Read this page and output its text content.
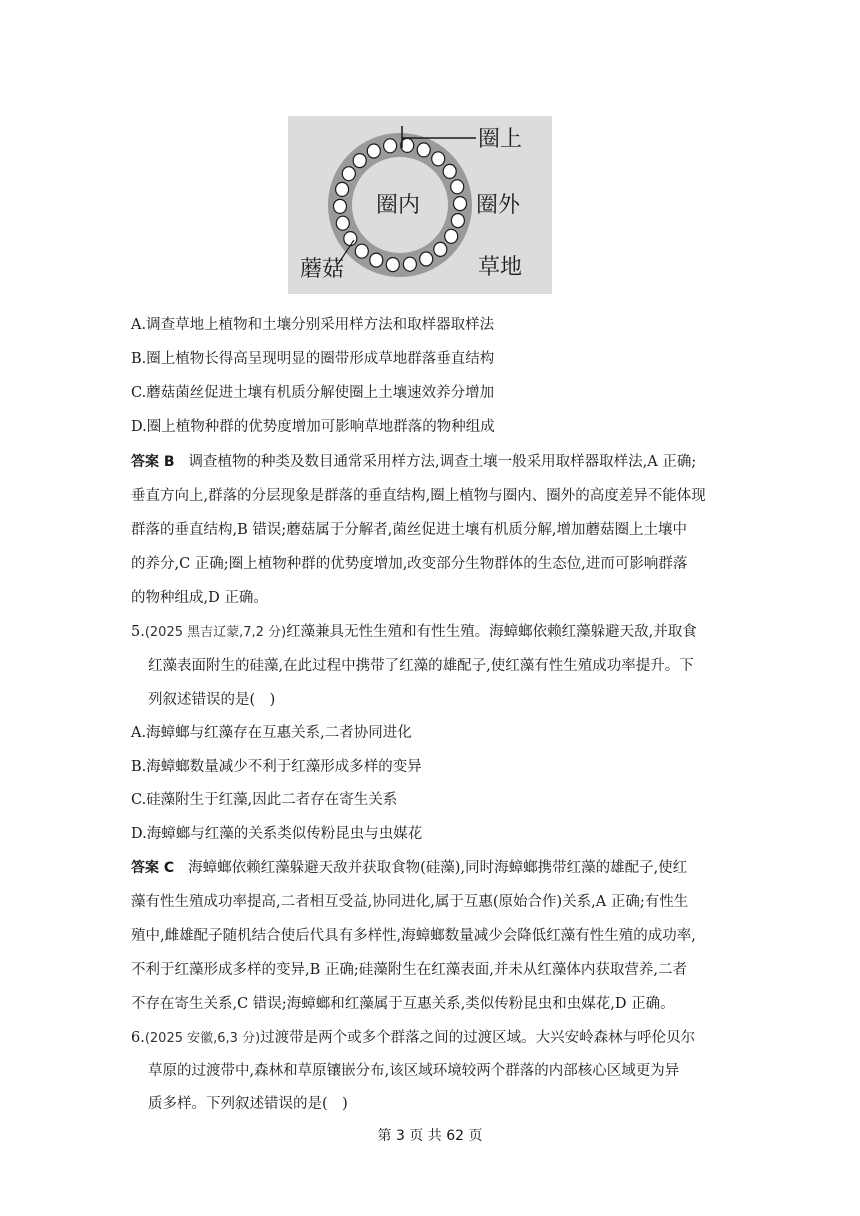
圈上
圈内	圈外
蘑菇	草地
A.调查草地上植物和土壤分别采用样方法和取样器取样法
B.圈上植物长得高呈现明显的圈带形成草地群落垂直结构
C.蘑菇菌丝促进土壤有机质分解使圈上土壤速效养分增加
D.圈上植物种群的优势度增加可影响草地群落的物种组成
答案 B 调查植物的种类及数目通常采用样方法,调查土壤一般采用取样器取样法,A 正确;
垂直方向上,群落的分层现象是群落的垂直结构,圈上植物与圈内、圈外的高度差异不能体现
群落的垂直结构,B 错误;蘑菇属于分解者,菌丝促进土壤有机质分解,增加蘑菇圈上土壤中
的养分,C 正确;圈上植物种群的优势度增加,改变部分生物群体的生态位,进而可影响群落
的物种组成,D 正确。
5.(2025 黑吉辽蒙,7,2 分)红藻兼具无性生殖和有性生殖。海蟑螂依赖红藻躲避天敌,并取食
红藻表面附生的硅藻,在此过程中携带了红藻的雄配子,使红藻有性生殖成功率提升。下
列叙述错误的是(　)
A.海蟑螂与红藻存在互惠关系,二者协同进化
B.海蟑螂数量减少不利于红藻形成多样的变异
C.硅藻附生于红藻,因此二者存在寄生关系
D.海蟑螂与红藻的关系类似传粉昆虫与虫媒花
答案 C 海蟑螂依赖红藻躲避天敌并获取食物(硅藻),同时海蟑螂携带红藻的雄配子,使红
藻有性生殖成功率提高,二者相互受益,协同进化,属于互惠(原始合作)关系,A 正确;有性生
殖中,雌雄配子随机结合使后代具有多样性,海蟑螂数量减少会降低红藻有性生殖的成功率,
不利于红藻形成多样的变异,B 正确;硅藻附生在红藻表面,并未从红藻体内获取营养,二者
不存在寄生关系,C 错误;海蟑螂和红藻属于互惠关系,类似传粉昆虫和虫媒花,D 正确。
6.(2025 安徽,6,3 分)过渡带是两个或多个群落之间的过渡区域。大兴安岭森林与呼伦贝尔
草原的过渡带中,森林和草原镶嵌分布,该区域环境较两个群落的内部核心区域更为异
质多样。下列叙述错误的是(　)
第 3 页 共 62 页
